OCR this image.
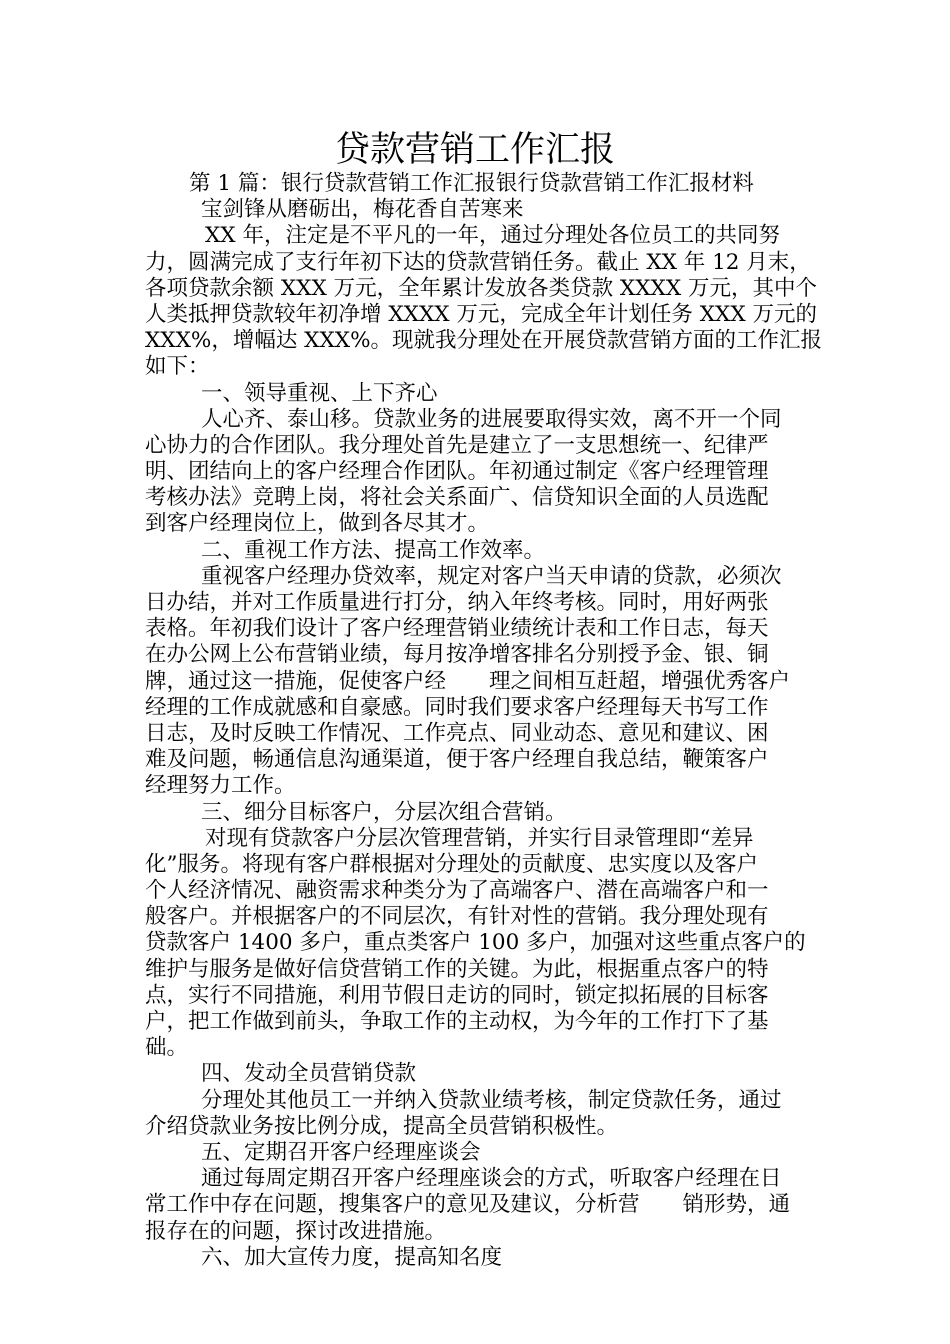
贷款营销工作汇报
第 1 篇：银行贷款营销工作汇报银行贷款营销工作汇报材料
宝剑锋从磨砺出，梅花香自苦寒来
XX 年，注定是不平凡的一年，通过分理处各位员工的共同努
力，圆满完成了支行年初下达的贷款营销任务。截止 XX 年 12 月末，
各项贷款余额 XXX 万元，全年累计发放各类贷款 XXXX 万元，其中个
人类抵押贷款较年初净增 XXXX 万元，完成全年计划任务 XXX 万元的
XXX%，增幅达 XXX%。现就我分理处在开展贷款营销方面的工作汇报
如下：
一、领导重视、上下齐心
人心齐、泰山移。贷款业务的进展要取得实效，离不开一个同
心协力的合作团队。我分理处首先是建立了一支思想统一、纪律严
明、团结向上的客户经理合作团队。年初通过制定《客户经理管理
考核办法》竞聘上岗，将社会关系面广、信贷知识全面的人员选配
到客户经理岗位上，做到各尽其才。
二、重视工作方法、提高工作效率。
重视客户经理办贷效率，规定对客户当天申请的贷款，必须次
日办结，并对工作质量进行打分，纳入年终考核。同时，用好两张
表格。年初我们设计了客户经理营销业绩统计表和工作日志，每天
在办公网上公布营销业绩，每月按净增客排名分别授予金、银、铜
牌，通过这一措施，促使客户经　　理之间相互赶超，增强优秀客户
经理的工作成就感和自豪感。同时我们要求客户经理每天书写工作
日志，及时反映工作情况、工作亮点、同业动态、意见和建议、困
难及问题，畅通信息沟通渠道，便于客户经理自我总结，鞭策客户
经理努力工作。
三、细分目标客户，分层次组合营销。
对现有贷款客户分层次管理营销，并实行目录管理即“差异
化”服务。将现有客户群根据对分理处的贡献度、忠实度以及客户
个人经济情况、融资需求种类分为了高端客户、潜在高端客户和一
般客户。并根据客户的不同层次，有针对性的营销。我分理处现有
贷款客户 1400 多户，重点类客户 100 多户，加强对这些重点客户的
维护与服务是做好信贷营销工作的关键。为此，根据重点客户的特
点，实行不同措施，利用节假日走访的同时，锁定拟拓展的目标客
户，把工作做到前头，争取工作的主动权，为今年的工作打下了基
础。
四、发动全员营销贷款
分理处其他员工一并纳入贷款业绩考核，制定贷款任务，通过
介绍贷款业务按比例分成，提高全员营销积极性。
五、定期召开客户经理座谈会
通过每周定期召开客户经理座谈会的方式，听取客户经理在日
常工作中存在问题，搜集客户的意见及建议，分析营　　销形势，通
报存在的问题，探讨改进措施。
六、加大宣传力度，提高知名度
